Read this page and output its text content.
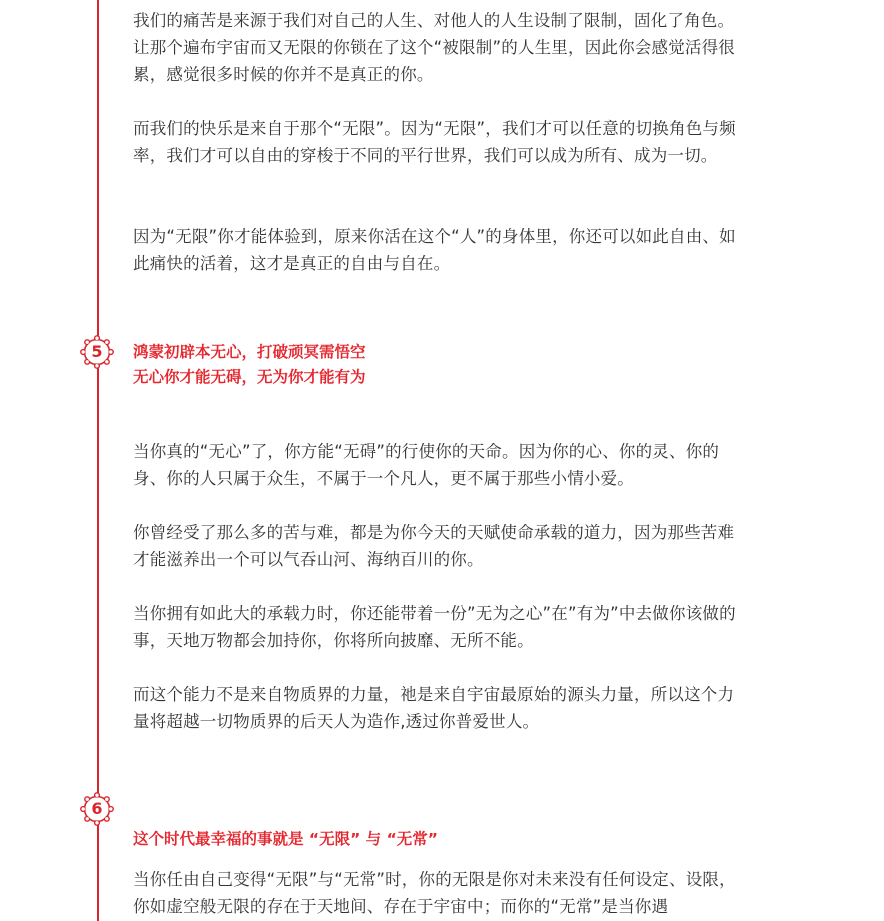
我们的痛苦是来源于我们对自己的人生、对他人的人生设制了限制，固化了角色。让那个遍布宇宙而又无限的你锁在了这个“被限制”的人生里，因此你会感觉活得很累，感觉很多时候的你并不是真正的你。

而我们的快乐是来自于那个“无限”。因为“无限”，我们才可以任意的切换角色与频率，我们才可以自由的穿梭于不同的平行世界，我们可以成为所有、成为一切。

因为“无限”你才能体验到，原来你活在这个“人”的身体里，你还可以如此自由、如此痛快的活着，这才是真正的自由与自在。

5	鸿蒙初辟本无心，打破顽冥需悟空
无心你才能无碍，无为你才能有为

当你真的“无心”了，你方能“无碍”的行使你的天命。因为你的心、你的灵、你的身、你的人只属于众生，不属于一个凡人，更不属于那些小情小爱。

你曾经受了那么多的苦与难，都是为你今天的天赋使命承载的道力，因为那些苦难才能滋养出一个可以气吞山河、海纳百川的你。

当你拥有如此大的承载力时，你还能带着一份”无为之心”在”有为”中去做你该做的事，天地万物都会加持你，你将所向披靡、无所不能。

而这个能力不是来自物质界的力量，祂是来自宇宙最原始的源头力量，所以这个力量将超越一切物质界的后天人为造作,透过你普爱世人。

6
这个时代最幸福的事就是 “无限” 与 “无常”

当你任由自己变得“无限”与“无常”时，你的无限是你对未来没有任何设定、设限，你如虚空般无限的存在于天地间、存在于宇宙中；而你的“无常”是当你遇
